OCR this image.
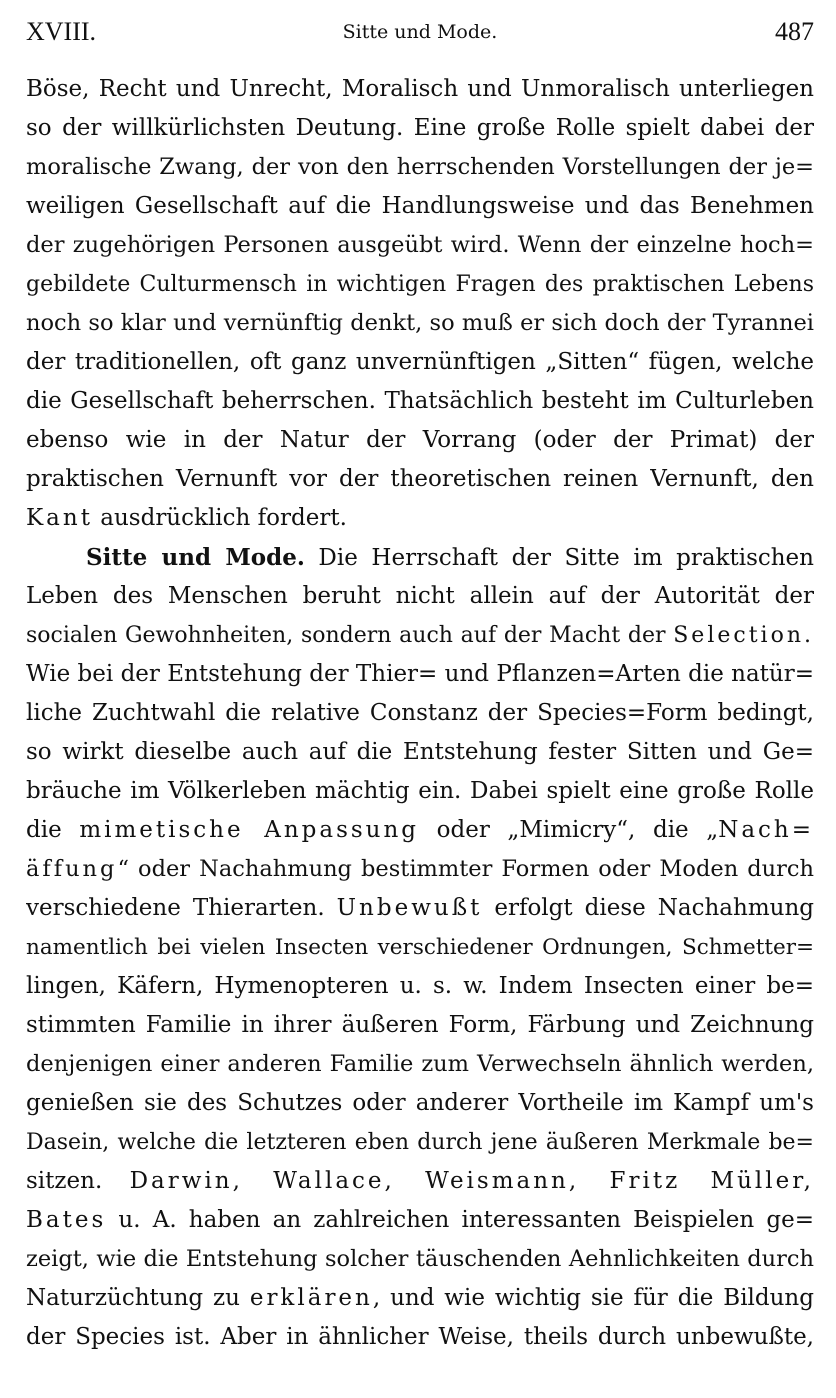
XVIII.	Sitte und Mode.	487
Böse, Recht und Unrecht, Moralisch und Unmoralisch unterliegen
so der willkürlichsten Deutung. Eine große Rolle spielt dabei der
moralische Zwang, der von den herrschenden Vorstellungen der je=
weiligen Gesellschaft auf die Handlungsweise und das Benehmen
der zugehörigen Personen ausgeübt wird. Wenn der einzelne hoch=
gebildete Culturmensch in wichtigen Fragen des praktischen Lebens
noch so klar und vernünftig denkt, so muß er sich doch der Tyrannei
der traditionellen, oft ganz unvernünftigen „Sitten“ fügen, welche
die Gesellschaft beherrschen. Thatsächlich besteht im Culturleben
ebenso wie in der Natur der Vorrang (oder der Primat) der
praktischen Vernunft vor der theoretischen reinen Vernunft, den
Kant ausdrücklich fordert.
Sitte und Mode. Die Herrschaft der Sitte im praktischen
Leben des Menschen beruht nicht allein auf der Autorität der
socialen Gewohnheiten, sondern auch auf der Macht der Selection.
Wie bei der Entstehung der Thier= und Pflanzen=Arten die natür=
liche Zuchtwahl die relative Constanz der Species=Form bedingt,
so wirkt dieselbe auch auf die Entstehung fester Sitten und Ge=
bräuche im Völkerleben mächtig ein. Dabei spielt eine große Rolle
die mimetische Anpassung oder „Mimicry“, die „Nach=
äffung“ oder Nachahmung bestimmter Formen oder Moden durch
verschiedene Thierarten. Unbewußt erfolgt diese Nachahmung
namentlich bei vielen Insecten verschiedener Ordnungen, Schmetter=
lingen, Käfern, Hymenopteren u. s. w. Indem Insecten einer be=
stimmten Familie in ihrer äußeren Form, Färbung und Zeichnung
denjenigen einer anderen Familie zum Verwechseln ähnlich werden,
genießen sie des Schutzes oder anderer Vortheile im Kampf um's
Dasein, welche die letzteren eben durch jene äußeren Merkmale be=
sitzen. Darwin, Wallace, Weismann, Fritz Müller,
Bates u. A. haben an zahlreichen interessanten Beispielen ge=
zeigt, wie die Entstehung solcher täuschenden Aehnlichkeiten durch
Naturzüchtung zu erklären, und wie wichtig sie für die Bildung
der Species ist. Aber in ähnlicher Weise, theils durch unbewußte,
